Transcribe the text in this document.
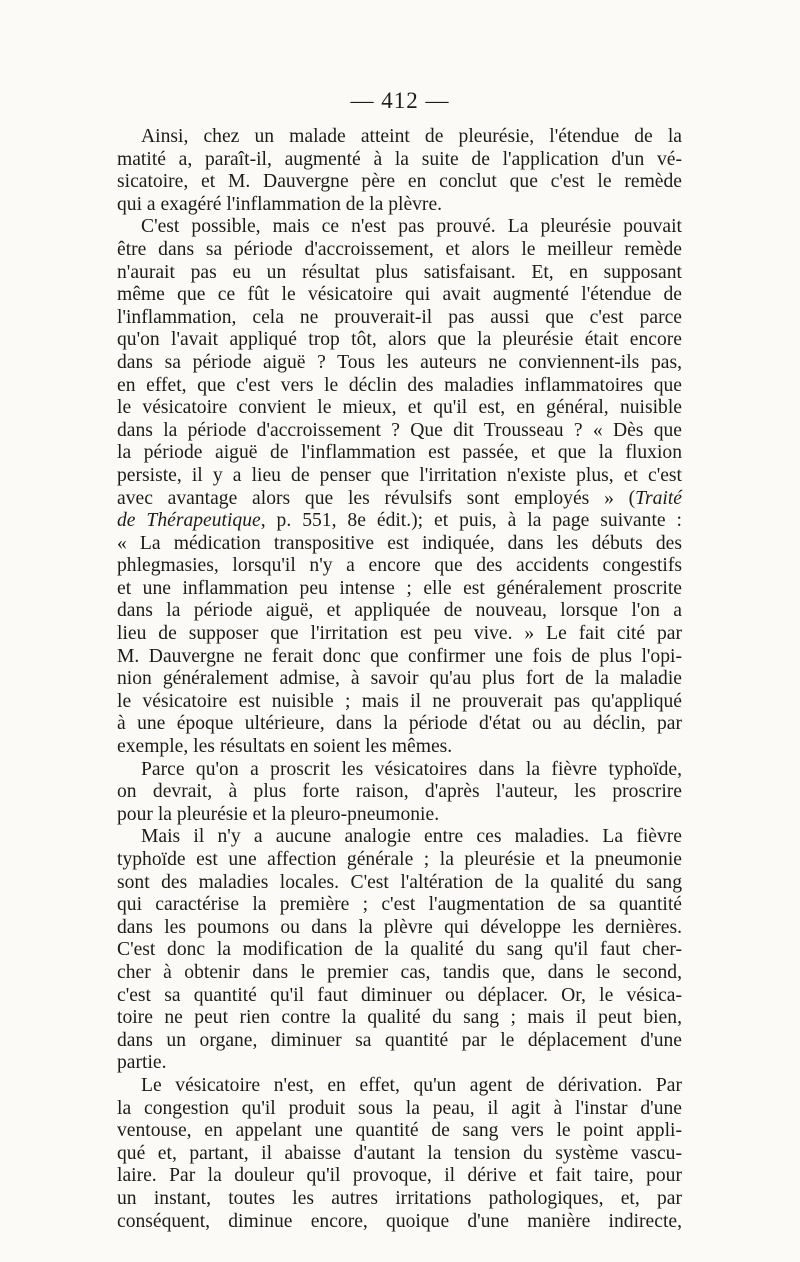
— 412 —
Ainsi, chez un malade atteint de pleurésie, l'étendue de la
matité a, paraît-il, augmenté à la suite de l'application d'un vé-
sicatoire, et M. Dauvergne père en conclut que c'est le remède
qui a exagéré l'inflammation de la plèvre.
C'est possible, mais ce n'est pas prouvé. La pleurésie pouvait
être dans sa période d'accroissement, et alors le meilleur remède
n'aurait pas eu un résultat plus satisfaisant. Et, en supposant
même que ce fût le vésicatoire qui avait augmenté l'étendue de
l'inflammation, cela ne prouverait-il pas aussi que c'est parce
qu'on l'avait appliqué trop tôt, alors que la pleurésie était encore
dans sa période aiguë ? Tous les auteurs ne conviennent-ils pas,
en effet, que c'est vers le déclin des maladies inflammatoires que
le vésicatoire convient le mieux, et qu'il est, en général, nuisible
dans la période d'accroissement ? Que dit Trousseau ? « Dès que
la période aiguë de l'inflammation est passée, et que la fluxion
persiste, il y a lieu de penser que l'irritation n'existe plus, et c'est
avec avantage alors que les révulsifs sont employés » (Traité
de Thérapeutique, p. 551, 8e édit.); et puis, à la page suivante :
« La médication transpositive est indiquée, dans les débuts des
phlegmasies, lorsqu'il n'y a encore que des accidents congestifs
et une inflammation peu intense ; elle est généralement proscrite
dans la période aiguë, et appliquée de nouveau, lorsque l'on a
lieu de supposer que l'irritation est peu vive. » Le fait cité par
M. Dauvergne ne ferait donc que confirmer une fois de plus l'opi-
nion généralement admise, à savoir qu'au plus fort de la maladie
le vésicatoire est nuisible ; mais il ne prouverait pas qu'appliqué
à une époque ultérieure, dans la période d'état ou au déclin, par
exemple, les résultats en soient les mêmes.
Parce qu'on a proscrit les vésicatoires dans la fièvre typhoïde,
on devrait, à plus forte raison, d'après l'auteur, les proscrire
pour la pleurésie et la pleuro-pneumonie.
Mais il n'y a aucune analogie entre ces maladies. La fièvre
typhoïde est une affection générale ; la pleurésie et la pneumonie
sont des maladies locales. C'est l'altération de la qualité du sang
qui caractérise la première ; c'est l'augmentation de sa quantité
dans les poumons ou dans la plèvre qui développe les dernières.
C'est donc la modification de la qualité du sang qu'il faut cher-
cher à obtenir dans le premier cas, tandis que, dans le second,
c'est sa quantité qu'il faut diminuer ou déplacer. Or, le vésica-
toire ne peut rien contre la qualité du sang ; mais il peut bien,
dans un organe, diminuer sa quantité par le déplacement d'une
partie.
Le vésicatoire n'est, en effet, qu'un agent de dérivation. Par
la congestion qu'il produit sous la peau, il agit à l'instar d'une
ventouse, en appelant une quantité de sang vers le point appli-
qué et, partant, il abaisse d'autant la tension du système vascu-
laire. Par la douleur qu'il provoque, il dérive et fait taire, pour
un instant, toutes les autres irritations pathologiques, et, par
conséquent, diminue encore, quoique d'une manière indirecte,
